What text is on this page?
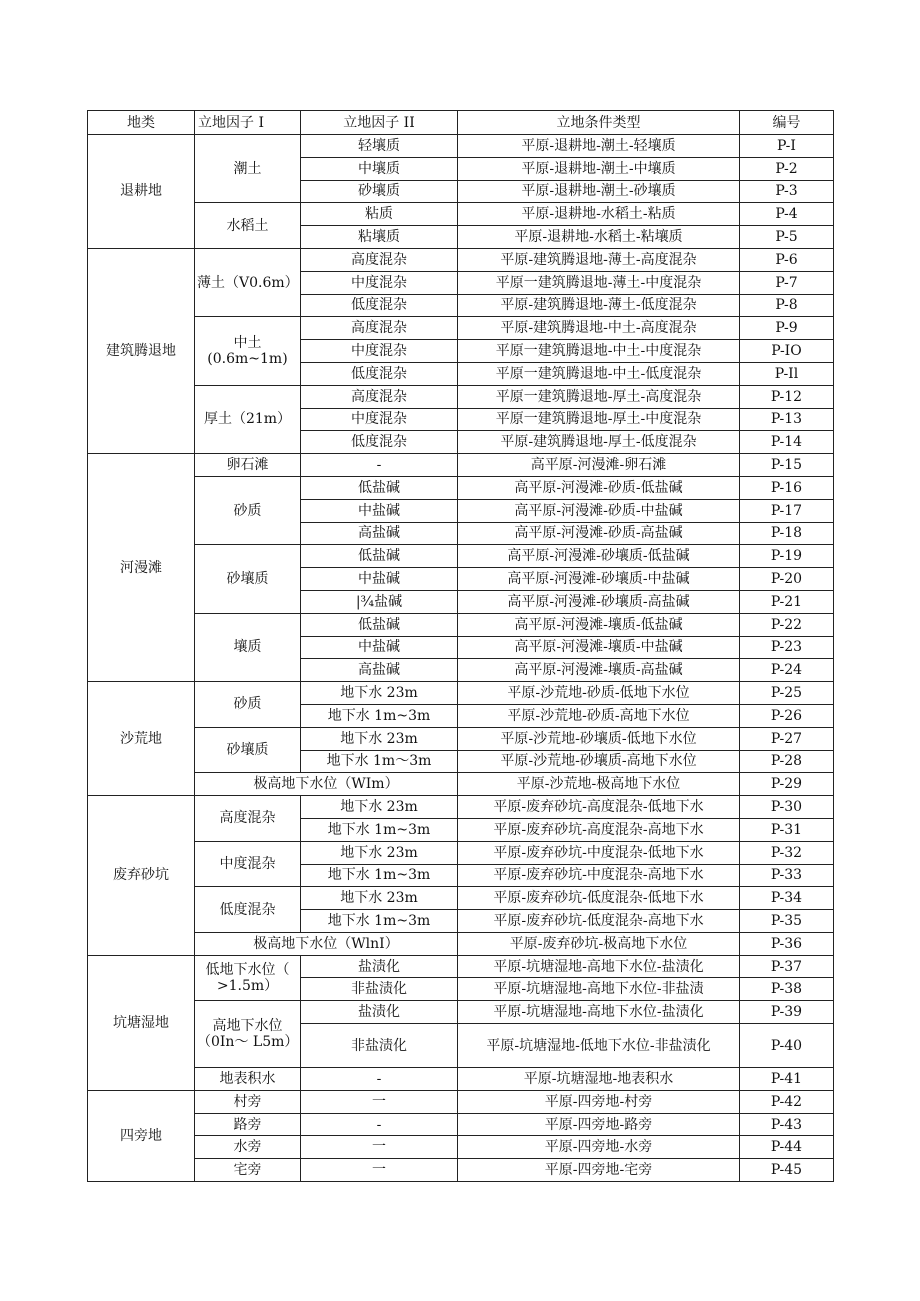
地类	立地因子 I	立地因子 II	立地条件类型	编号
退耕地	潮土	轻壤质	平原-退耕地-潮土-轻壤质	P-I
		中壤质	平原-退耕地-潮土-中壤质	P-2
		砂壤质	平原-退耕地-潮土-砂壤质	P-3
	水稻土	粘质	平原-退耕地-水稻土-粘质	P-4
		粘壤质	平原-退耕地-水稻土-粘壤质	P-5
建筑腾退地	薄土（V0.6m）	高度混杂	平原-建筑腾退地-薄土-高度混杂	P-6
		中度混杂	平原一建筑腾退地-薄土-中度混杂	P-7
		低度混杂	平原-建筑腾退地-薄土-低度混杂	P-8
	中土 (0.6m~1m)	高度混杂	平原-建筑腾退地-中土-高度混杂	P-9
		中度混杂	平原一建筑腾退地-中土-中度混杂	P-IO
		低度混杂	平原一建筑腾退地-中土-低度混杂	P-Il
	厚土（21m）	高度混杂	平原一建筑腾退地-厚土-高度混杂	P-12
		中度混杂	平原一建筑腾退地-厚土-中度混杂	P-13
		低度混杂	平原-建筑腾退地-厚土-低度混杂	P-14
河漫滩	卵石滩	-	高平原-河漫滩-卵石滩	P-15
	砂质	低盐碱	高平原-河漫滩-砂质-低盐碱	P-16
		中盐碱	高平原-河漫滩-砂质-中盐碱	P-17
		高盐碱	高平原-河漫滩-砂质-高盐碱	P-18
	砂壤质	低盐碱	高平原-河漫滩-砂壤质-低盐碱	P-19
		中盐碱	高平原-河漫滩-砂壤质-中盐碱	P-20
		|¾盐碱	高平原-河漫滩-砂壤质-高盐碱	P-21
	壤质	低盐碱	高平原-河漫滩-壤质-低盐碱	P-22
		中盐碱	高平原-河漫滩-壤质-中盐碱	P-23
		高盐碱	高平原-河漫滩-壤质-高盐碱	P-24
沙荒地	砂质	地下水 23m	平原-沙荒地-砂质-低地下水位	P-25
		地下水 1m~3m	平原-沙荒地-砂质-高地下水位	P-26
	砂壤质	地下水 23m	平原-沙荒地-砂壤质-低地下水位	P-27
		地下水 1m～3m	平原-沙荒地-砂壤质-高地下水位	P-28
	极高地下水位（WIm）		平原-沙荒地-极高地下水位	P-29
废弃砂坑	高度混杂	地下水 23m	平原-废弃砂坑-高度混杂-低地下水	P-30
		地下水 1m~3m	平原-废弃砂坑-高度混杂-高地下水	P-31
	中度混杂	地下水 23m	平原-废弃砂坑-中度混杂-低地下水	P-32
		地下水 1m~3m	平原-废弃砂坑-中度混杂-高地下水	P-33
	低度混杂	地下水 23m	平原-废弃砂坑-低度混杂-低地下水	P-34
		地下水 1m~3m	平原-废弃砂坑-低度混杂-高地下水	P-35
	极高地下水位（WlnI）		平原-废弃砂坑-极高地下水位	P-36
坑塘湿地	低地下水位（ >1.5m）	盐渍化	平原-坑塘湿地-高地下水位-盐渍化	P-37
		非盐渍化	平原-坑塘湿地-高地下水位-非盐渍	P-38
	高地下水位 （0In～ L5m）	盐渍化	平原-坑塘湿地-高地下水位-盐渍化	P-39
		非盐渍化	平原-坑塘湿地-低地下水位-非盐渍化	P-40
	地表积水	-	平原-坑塘湿地-地表积水	P-41
四旁地	村旁	一	平原-四旁地-村旁	P-42
	路旁	-	平原-四旁地-路旁	P-43
	水旁	一	平原-四旁地-水旁	P-44
	宅旁	一	平原-四旁地-宅旁	P-45
